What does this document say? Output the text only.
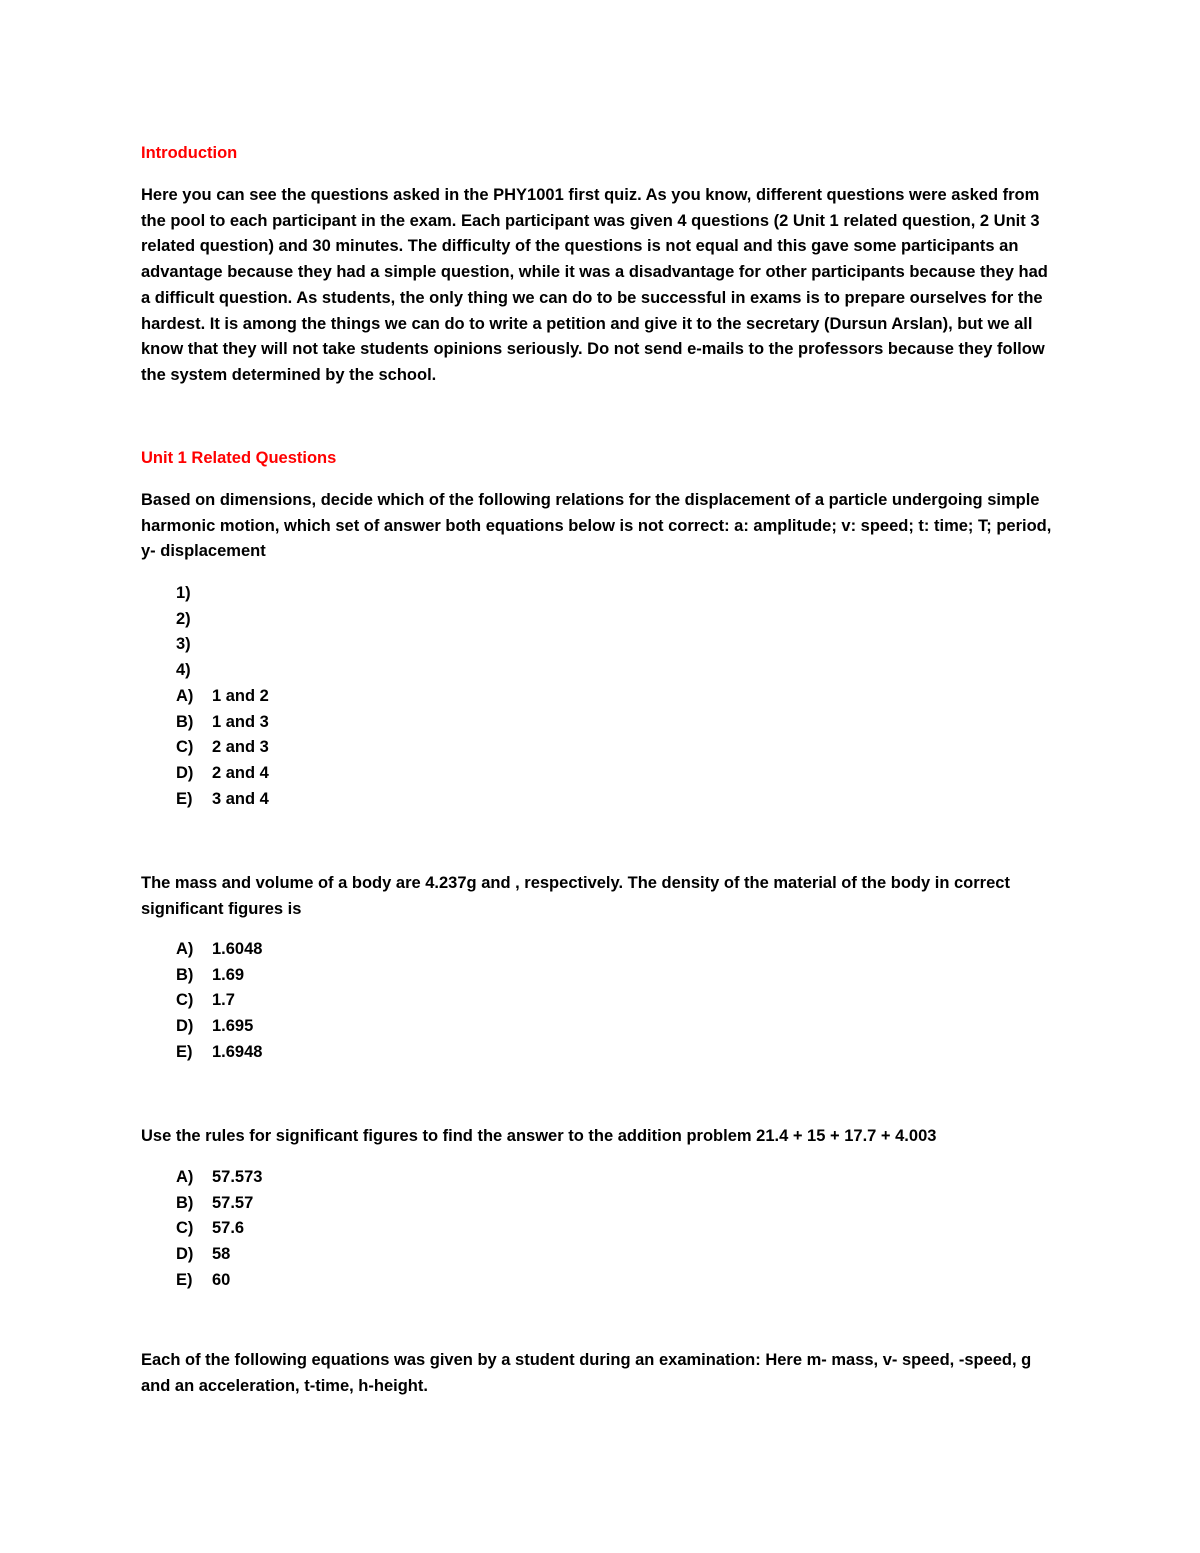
Introduction

Here you can see the questions asked in the PHY1001 first quiz. As you know, different questions were asked from the pool to each participant in the exam. Each participant was given 4 questions (2 Unit 1 related question, 2 Unit 3 related question) and 30 minutes. The difficulty of the questions is not equal and this gave some participants an advantage because they had a simple question, while it was a disadvantage for other participants because they had a difficult question. As students, the only thing we can do to be successful in exams is to prepare ourselves for the hardest. It is among the things we can do to write a petition and give it to the secretary (Dursun Arslan), but we all know that they will not take students opinions seriously. Do not send e-mails to the professors because they follow the system determined by the school.

Unit 1 Related Questions

Based on dimensions, decide which of the following relations for the displacement of a particle undergoing simple harmonic motion, which set of answer both equations below is not correct: a: amplitude; v: speed; t: time; T; period, y- displacement

1)
2)
3)
4)
A)	1 and 2
B)	1 and 3
C)	2 and 3
D)	2 and 4
E)	3 and 4

The mass and volume of a body are 4.237g and , respectively. The density of the material of the body in correct significant figures is

A)	1.6048
B)	1.69
C)	1.7
D)	1.695
E)	1.6948

Use the rules for significant figures to find the answer to the addition problem 21.4 + 15 + 17.7 + 4.003

A)	57.573
B)	57.57
C)	57.6
D)	58
E)	60

Each of the following equations was given by a student during an examination: Here m- mass, v- speed, -speed, g and an acceleration, t-time, h-height.
